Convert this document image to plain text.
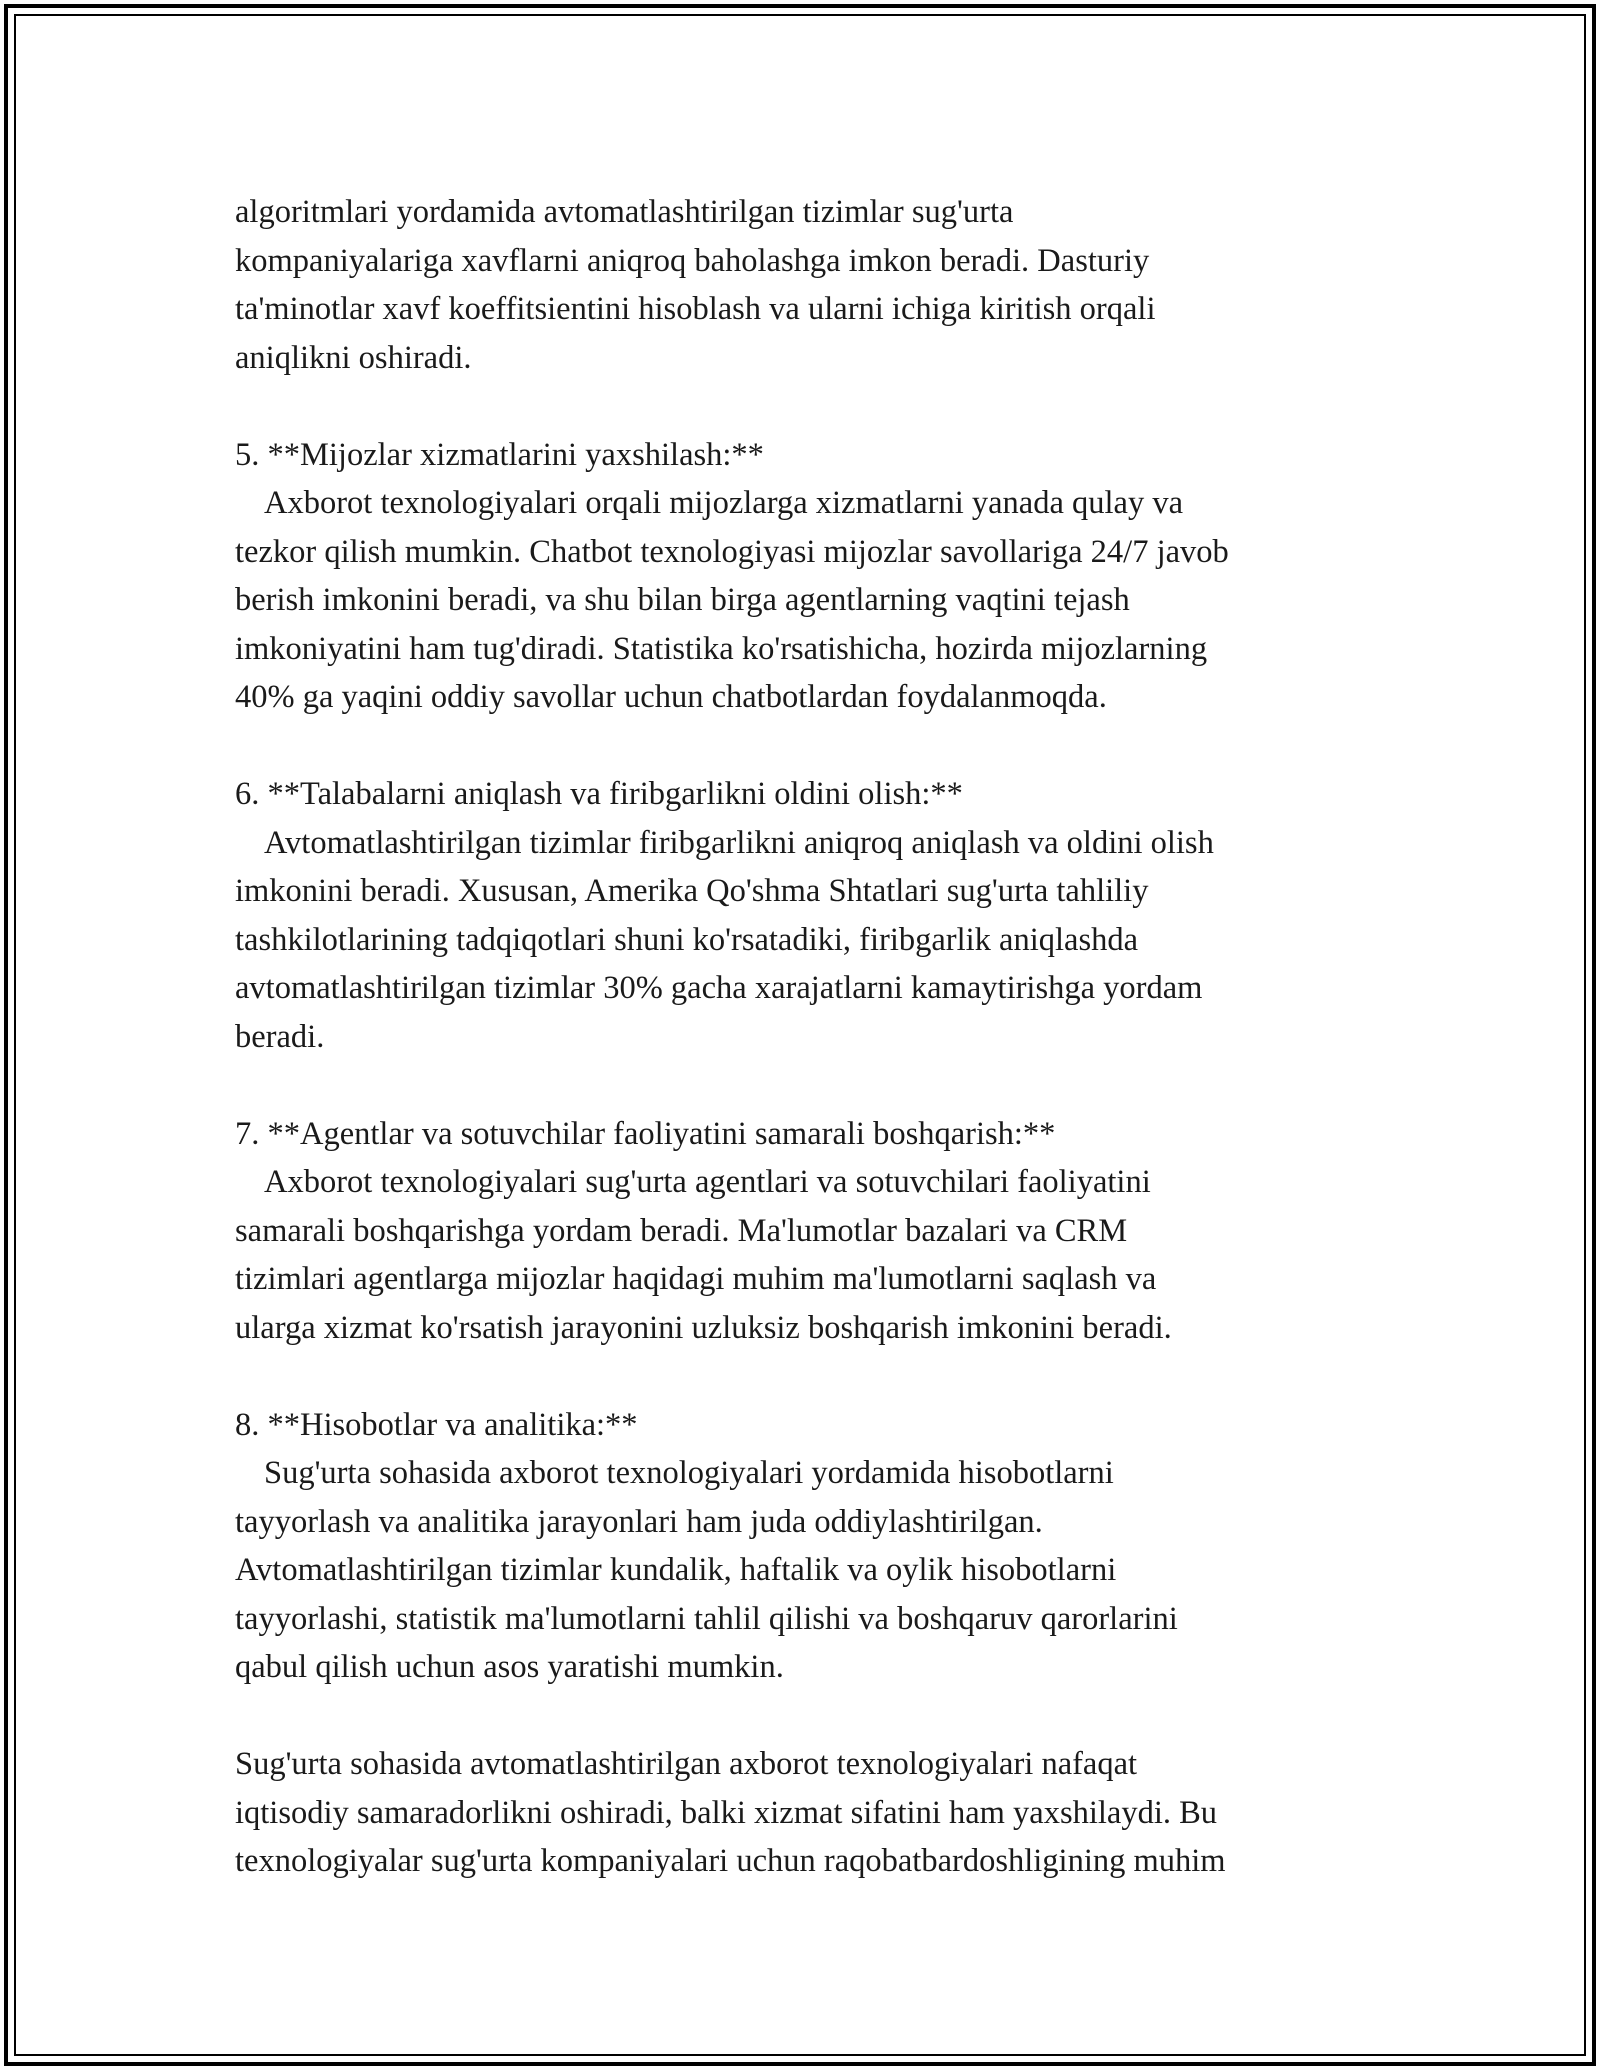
algoritmlari yordamida avtomatlashtirilgan tizimlar sug'urta
kompaniyalariga xavflarni aniqroq baholashga imkon beradi. Dasturiy
ta'minotlar xavf koeffitsientini hisoblash va ularni ichiga kiritish orqali
aniqlikni oshiradi.
5. **Mijozlar xizmatlarini yaxshilash:**
Axborot texnologiyalari orqali mijozlarga xizmatlarni yanada qulay va
tezkor qilish mumkin. Chatbot texnologiyasi mijozlar savollariga 24/7 javob
berish imkonini beradi, va shu bilan birga agentlarning vaqtini tejash
imkoniyatini ham tug'diradi. Statistika ko'rsatishicha, hozirda mijozlarning
40% ga yaqini oddiy savollar uchun chatbotlardan foydalanmoqda.
6. **Talabalarni aniqlash va firibgarlikni oldini olish:**
Avtomatlashtirilgan tizimlar firibgarlikni aniqroq aniqlash va oldini olish
imkonini beradi. Xususan, Amerika Qo'shma Shtatlari sug'urta tahliliy
tashkilotlarining tadqiqotlari shuni ko'rsatadiki, firibgarlik aniqlashda
avtomatlashtirilgan tizimlar 30% gacha xarajatlarni kamaytirishga yordam
beradi.
7. **Agentlar va sotuvchilar faoliyatini samarali boshqarish:**
Axborot texnologiyalari sug'urta agentlari va sotuvchilari faoliyatini
samarali boshqarishga yordam beradi. Ma'lumotlar bazalari va CRM
tizimlari agentlarga mijozlar haqidagi muhim ma'lumotlarni saqlash va
ularga xizmat ko'rsatish jarayonini uzluksiz boshqarish imkonini beradi.
8. **Hisobotlar va analitika:**
Sug'urta sohasida axborot texnologiyalari yordamida hisobotlarni
tayyorlash va analitika jarayonlari ham juda oddiylashtirilgan.
Avtomatlashtirilgan tizimlar kundalik, haftalik va oylik hisobotlarni
tayyorlashi, statistik ma'lumotlarni tahlil qilishi va boshqaruv qarorlarini
qabul qilish uchun asos yaratishi mumkin.
Sug'urta sohasida avtomatlashtirilgan axborot texnologiyalari nafaqat
iqtisodiy samaradorlikni oshiradi, balki xizmat sifatini ham yaxshilaydi. Bu
texnologiyalar sug'urta kompaniyalari uchun raqobatbardoshligining muhim
